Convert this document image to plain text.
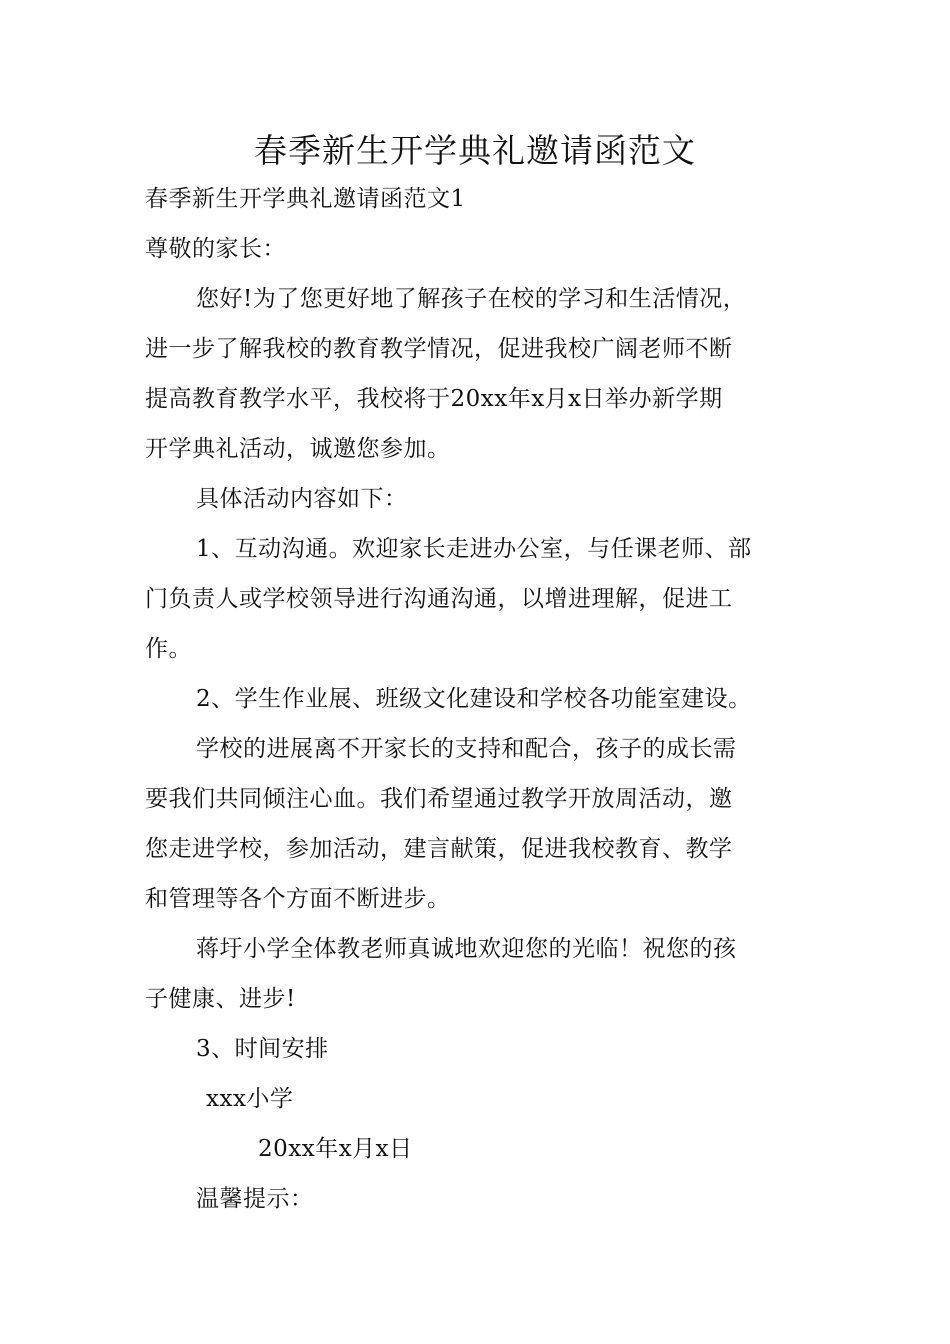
春季新生开学典礼邀请函范文
春季新生开学典礼邀请函范文1
尊敬的家长：
您好!为了您更好地了解孩子在校的学习和生活情况，
进一步了解我校的教育教学情况，促进我校广阔老师不断
提高教育教学水平，我校将于20xx年x月x日举办新学期
开学典礼活动，诚邀您参加。
具体活动内容如下：
1、互动沟通。欢迎家长走进办公室，与任课老师、部
门负责人或学校领导进行沟通沟通，以增进理解，促进工
作。
2、学生作业展、班级文化建设和学校各功能室建设。
学校的进展离不开家长的支持和配合，孩子的成长需
要我们共同倾注心血。我们希望通过教学开放周活动，邀
您走进学校，参加活动，建言献策，促进我校教育、教学
和管理等各个方面不断进步。
蒋圩小学全体教老师真诚地欢迎您的光临！祝您的孩
子健康、进步!
3、时间安排
xxx小学
20xx年x月x日
温馨提示：
